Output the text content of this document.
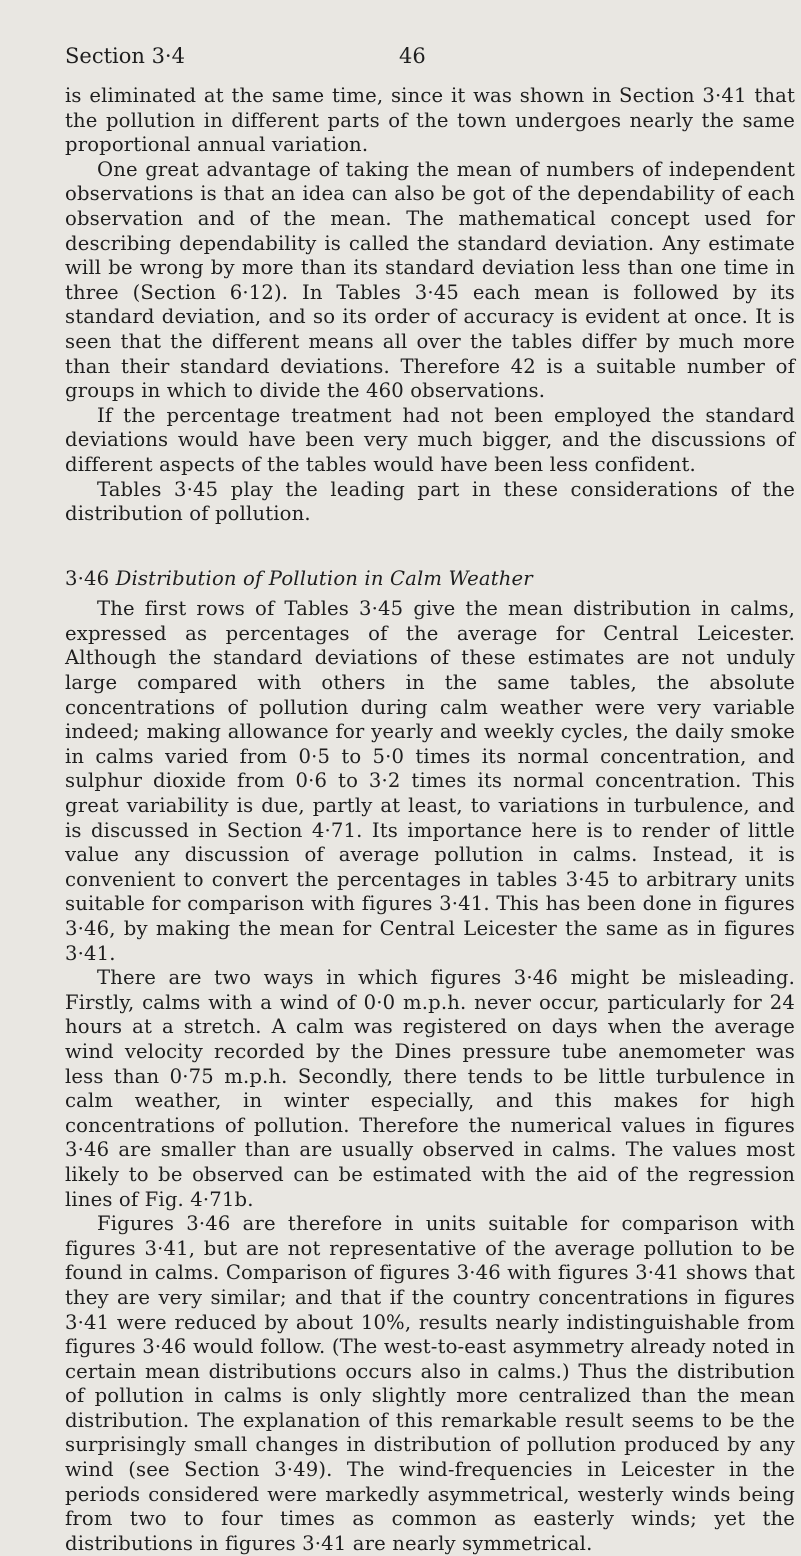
Section 3·4	46

is eliminated at the same time, since it was shown in Section 3·41 that the pollution in different parts of the town undergoes nearly the same proportional annual variation.

One great advantage of taking the mean of numbers of independent observations is that an idea can also be got of the dependability of each observation and of the mean. The mathematical concept used for describing dependability is called the standard deviation. Any estimate will be wrong by more than its standard deviation less than one time in three (Section 6·12). In Tables 3·45 each mean is followed by its standard deviation, and so its order of accuracy is evident at once. It is seen that the different means all over the tables differ by much more than their standard deviations. Therefore 42 is a suitable number of groups in which to divide the 460 observations.

If the percentage treatment had not been employed the standard deviations would have been very much bigger, and the discussions of different aspects of the tables would have been less confident.

Tables 3·45 play the leading part in these considerations of the distribution of pollution.

3·46 Distribution of Pollution in Calm Weather

The first rows of Tables 3·45 give the mean distribution in calms, expressed as percentages of the average for Central Leicester. Although the standard deviations of these estimates are not unduly large compared with others in the same tables, the absolute concentrations of pollution during calm weather were very variable indeed; making allowance for yearly and weekly cycles, the daily smoke in calms varied from 0·5 to 5·0 times its normal concentration, and sulphur dioxide from 0·6 to 3·2 times its normal concentration. This great variability is due, partly at least, to variations in turbulence, and is discussed in Section 4·71. Its importance here is to render of little value any discussion of average pollution in calms. Instead, it is convenient to convert the percentages in tables 3·45 to arbitrary units suitable for comparison with figures 3·41. This has been done in figures 3·46, by making the mean for Central Leicester the same as in figures 3·41.

There are two ways in which figures 3·46 might be misleading. Firstly, calms with a wind of 0·0 m.p.h. never occur, particularly for 24 hours at a stretch. A calm was registered on days when the average wind velocity recorded by the Dines pressure tube anemometer was less than 0·75 m.p.h. Secondly, there tends to be little turbulence in calm weather, in winter especially, and this makes for high concentrations of pollution. Therefore the numerical values in figures 3·46 are smaller than are usually observed in calms. The values most likely to be observed can be estimated with the aid of the regression lines of Fig. 4·71b.

Figures 3·46 are therefore in units suitable for comparison with figures 3·41, but are not representative of the average pollution to be found in calms. Comparison of figures 3·46 with figures 3·41 shows that they are very similar; and that if the country concentrations in figures 3·41 were reduced by about 10%, results nearly indistinguishable from figures 3·46 would follow. (The west-to-east asymmetry already noted in certain mean distributions occurs also in calms.) Thus the distribution of pollution in calms is only slightly more centralized than the mean distribution. The explanation of this remarkable result seems to be the surprisingly small changes in distribution of pollution produced by any wind (see Section 3·49). The wind-frequencies in Leicester in the periods considered were markedly asymmetrical, westerly winds being from two to four times as common as easterly winds; yet the distributions in figures 3·41 are nearly symmetrical.
